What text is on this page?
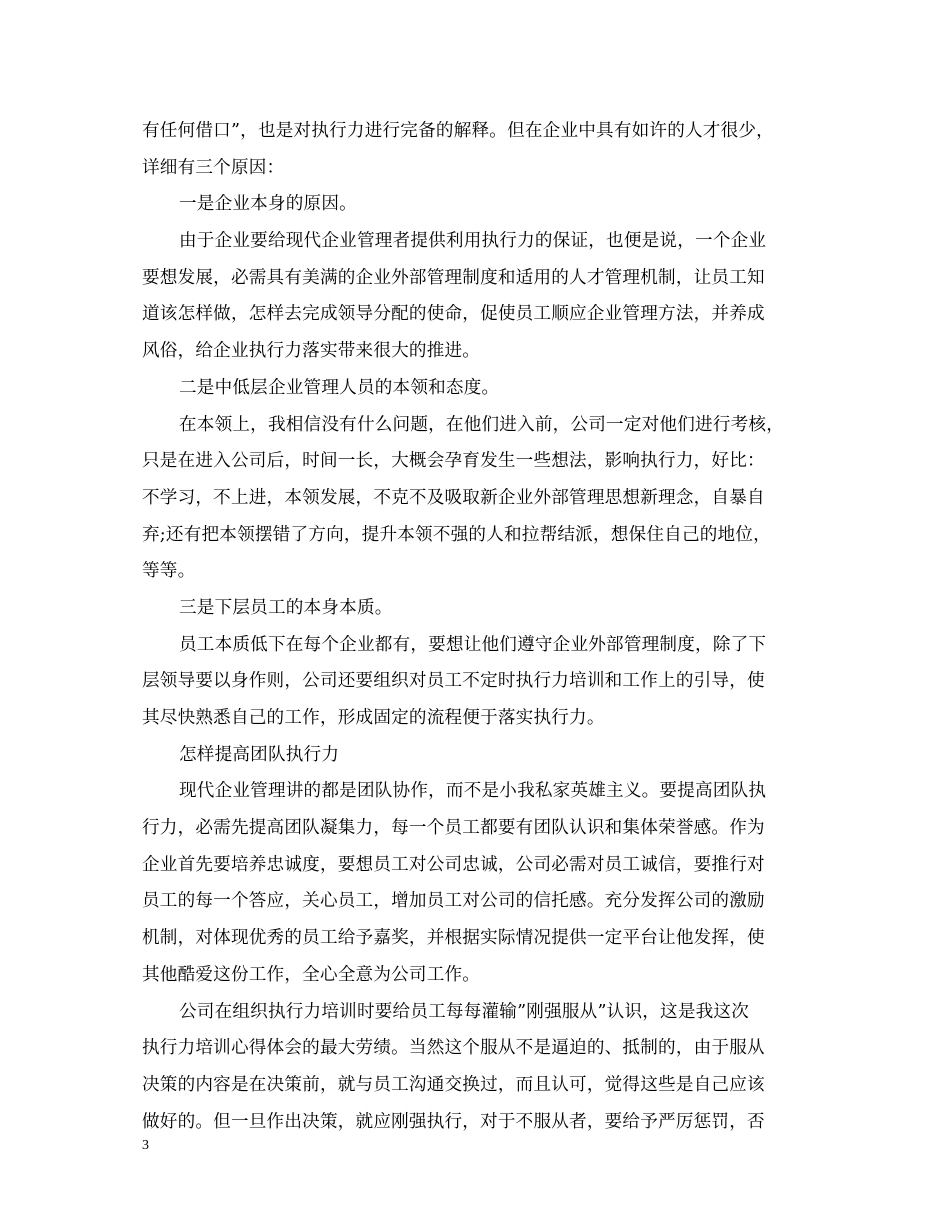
有任何借口”，也是对执行力进行完备的解释。但在企业中具有如许的人才很少，
详细有三个原因：
一是企业本身的原因。
由于企业要给现代企业管理者提供利用执行力的保证，也便是说，一个企业
要想发展，必需具有美满的企业外部管理制度和适用的人才管理机制，让员工知
道该怎样做，怎样去完成领导分配的使命，促使员工顺应企业管理方法，并养成
风俗，给企业执行力落实带来很大的推进。
二是中低层企业管理人员的本领和态度。
在本领上，我相信没有什么问题，在他们进入前，公司一定对他们进行考核，
只是在进入公司后，时间一长，大概会孕育发生一些想法，影响执行力，好比：
不学习，不上进，本领发展，不克不及吸取新企业外部管理思想新理念，自暴自
弃;还有把本领摆错了方向，提升本领不强的人和拉帮结派，想保住自己的地位，
等等。
三是下层员工的本身本质。
员工本质低下在每个企业都有，要想让他们遵守企业外部管理制度，除了下
层领导要以身作则，公司还要组织对员工不定时执行力培训和工作上的引导，使
其尽快熟悉自己的工作，形成固定的流程便于落实执行力。
怎样提高团队执行力
现代企业管理讲的都是团队协作，而不是小我私家英雄主义。要提高团队执
行力，必需先提高团队凝集力，每一个员工都要有团队认识和集体荣誉感。作为
企业首先要培养忠诚度，要想员工对公司忠诚，公司必需对员工诚信，要推行对
员工的每一个答应，关心员工，增加员工对公司的信托感。充分发挥公司的激励
机制，对体现优秀的员工给予嘉奖，并根据实际情况提供一定平台让他发挥，使
其他酷爱这份工作，全心全意为公司工作。
公司在组织执行力培训时要给员工每每灌输”刚强服从”认识，这是我这次
执行力培训心得体会的最大劳绩。当然这个服从不是逼迫的、抵制的，由于服从
决策的内容是在决策前，就与员工沟通交换过，而且认可，觉得这些是自己应该
做好的。但一旦作出决策，就应刚强执行，对于不服从者，要给予严厉惩罚，否
3
